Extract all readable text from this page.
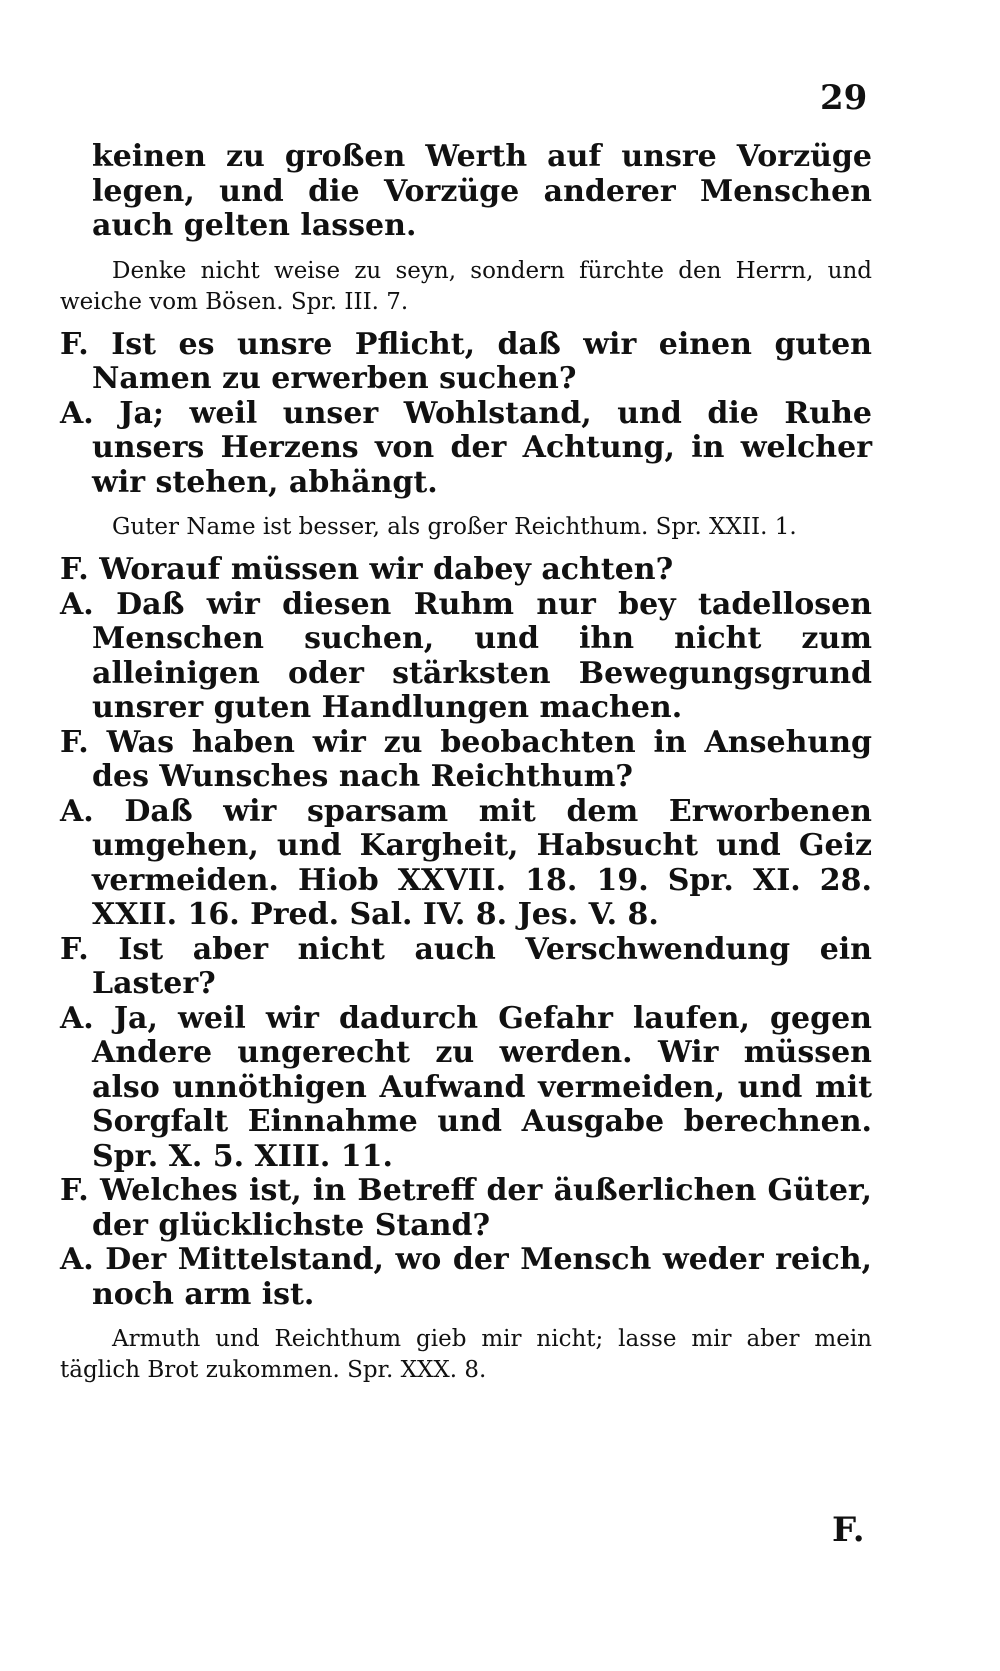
29

keinen zu großen Werth auf unsre Vorzüge legen, und die Vorzüge anderer Menschen auch gelten lassen.

Denke nicht weise zu seyn, sondern fürchte den Herrn, und weiche vom Bösen. Spr. III. 7.

F. Ist es unsre Pflicht, daß wir einen guten Namen zu erwerben suchen?

A. Ja; weil unser Wohlstand, und die Ruhe unsers Herzens von der Achtung, in welcher wir stehen, abhängt.

Guter Name ist besser, als großer Reichthum. Spr. XXII. 1.

F. Worauf müssen wir dabey achten?

A. Daß wir diesen Ruhm nur bey tadellosen Menschen suchen, und ihn nicht zum alleinigen oder stärksten Bewegungsgrund unsrer guten Handlungen machen.

F. Was haben wir zu beobachten in Ansehung des Wunsches nach Reichthum?

A. Daß wir sparsam mit dem Erworbenen umgehen, und Kargheit, Habsucht und Geiz vermeiden. Hiob XXVII. 18. 19. Spr. XI. 28. XXII. 16. Pred. Sal. IV. 8. Jes. V. 8.

F. Ist aber nicht auch Verschwendung ein Laster?

A. Ja, weil wir dadurch Gefahr laufen, gegen Andere ungerecht zu werden. Wir müssen also unnöthigen Aufwand vermeiden, und mit Sorgfalt Einnahme und Ausgabe berechnen. Spr. X. 5. XIII. 11.

F. Welches ist, in Betreff der äußerlichen Güter, der glücklichste Stand?

A. Der Mittelstand, wo der Mensch weder reich, noch arm ist.

Armuth und Reichthum gieb mir nicht; lasse mir aber mein täglich Brot zukommen. Spr. XXX. 8.

F.
